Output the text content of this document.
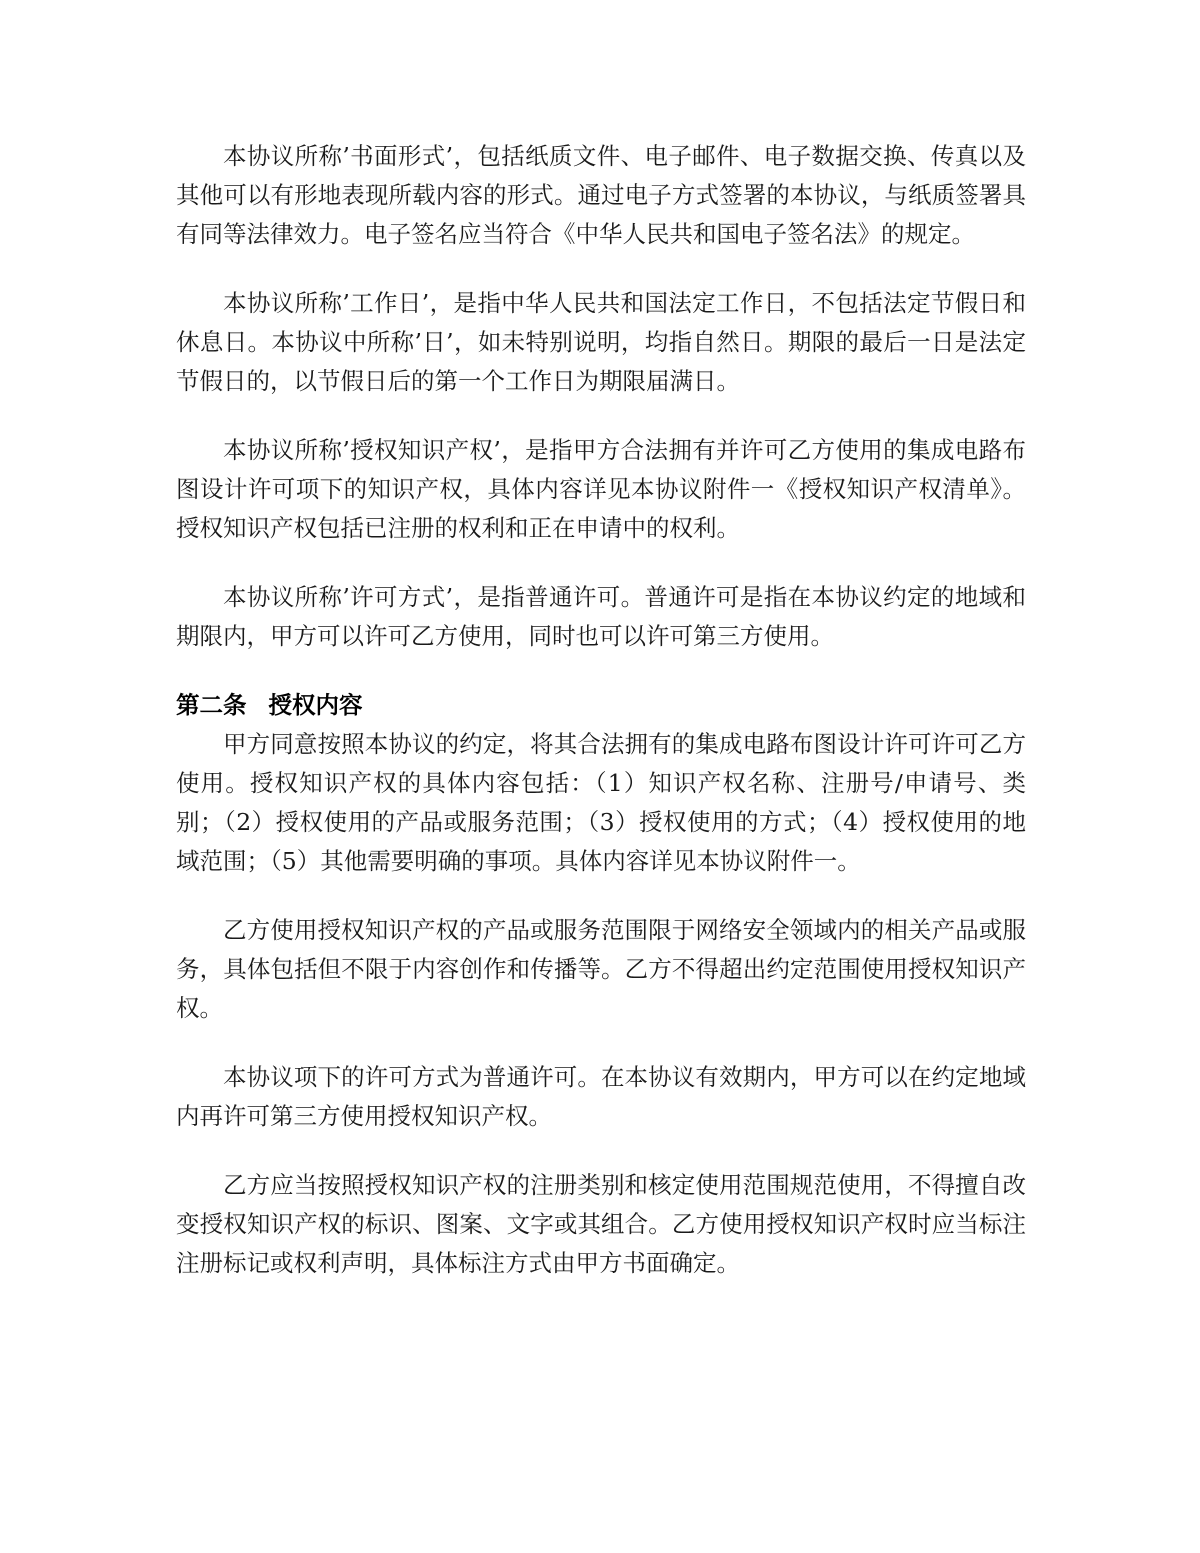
本协议所称’书面形式’，包括纸质文件、电子邮件、电子数据交换、传真以及其他可以有形地表现所载内容的形式。通过电子方式签署的本协议，与纸质签署具有同等法律效力。电子签名应当符合《中华人民共和国电子签名法》的规定。

本协议所称’工作日’，是指中华人民共和国法定工作日，不包括法定节假日和休息日。本协议中所称’日’，如未特别说明，均指自然日。期限的最后一日是法定节假日的，以节假日后的第一个工作日为期限届满日。

本协议所称’授权知识产权’，是指甲方合法拥有并许可乙方使用的集成电路布图设计许可项下的知识产权，具体内容详见本协议附件一《授权知识产权清单》。授权知识产权包括已注册的权利和正在申请中的权利。

本协议所称’许可方式’，是指普通许可。普通许可是指在本协议约定的地域和期限内，甲方可以许可乙方使用，同时也可以许可第三方使用。

第二条 授权内容

甲方同意按照本协议的约定，将其合法拥有的集成电路布图设计许可许可乙方使用。授权知识产权的具体内容包括：（1）知识产权名称、注册号/申请号、类别；（2）授权使用的产品或服务范围；（3）授权使用的方式；（4）授权使用的地域范围；（5）其他需要明确的事项。具体内容详见本协议附件一。

乙方使用授权知识产权的产品或服务范围限于网络安全领域内的相关产品或服务，具体包括但不限于内容创作和传播等。乙方不得超出约定范围使用授权知识产权。

本协议项下的许可方式为普通许可。在本协议有效期内，甲方可以在约定地域内再许可第三方使用授权知识产权。

乙方应当按照授权知识产权的注册类别和核定使用范围规范使用，不得擅自改变授权知识产权的标识、图案、文字或其组合。乙方使用授权知识产权时应当标注注册标记或权利声明，具体标注方式由甲方书面确定。
